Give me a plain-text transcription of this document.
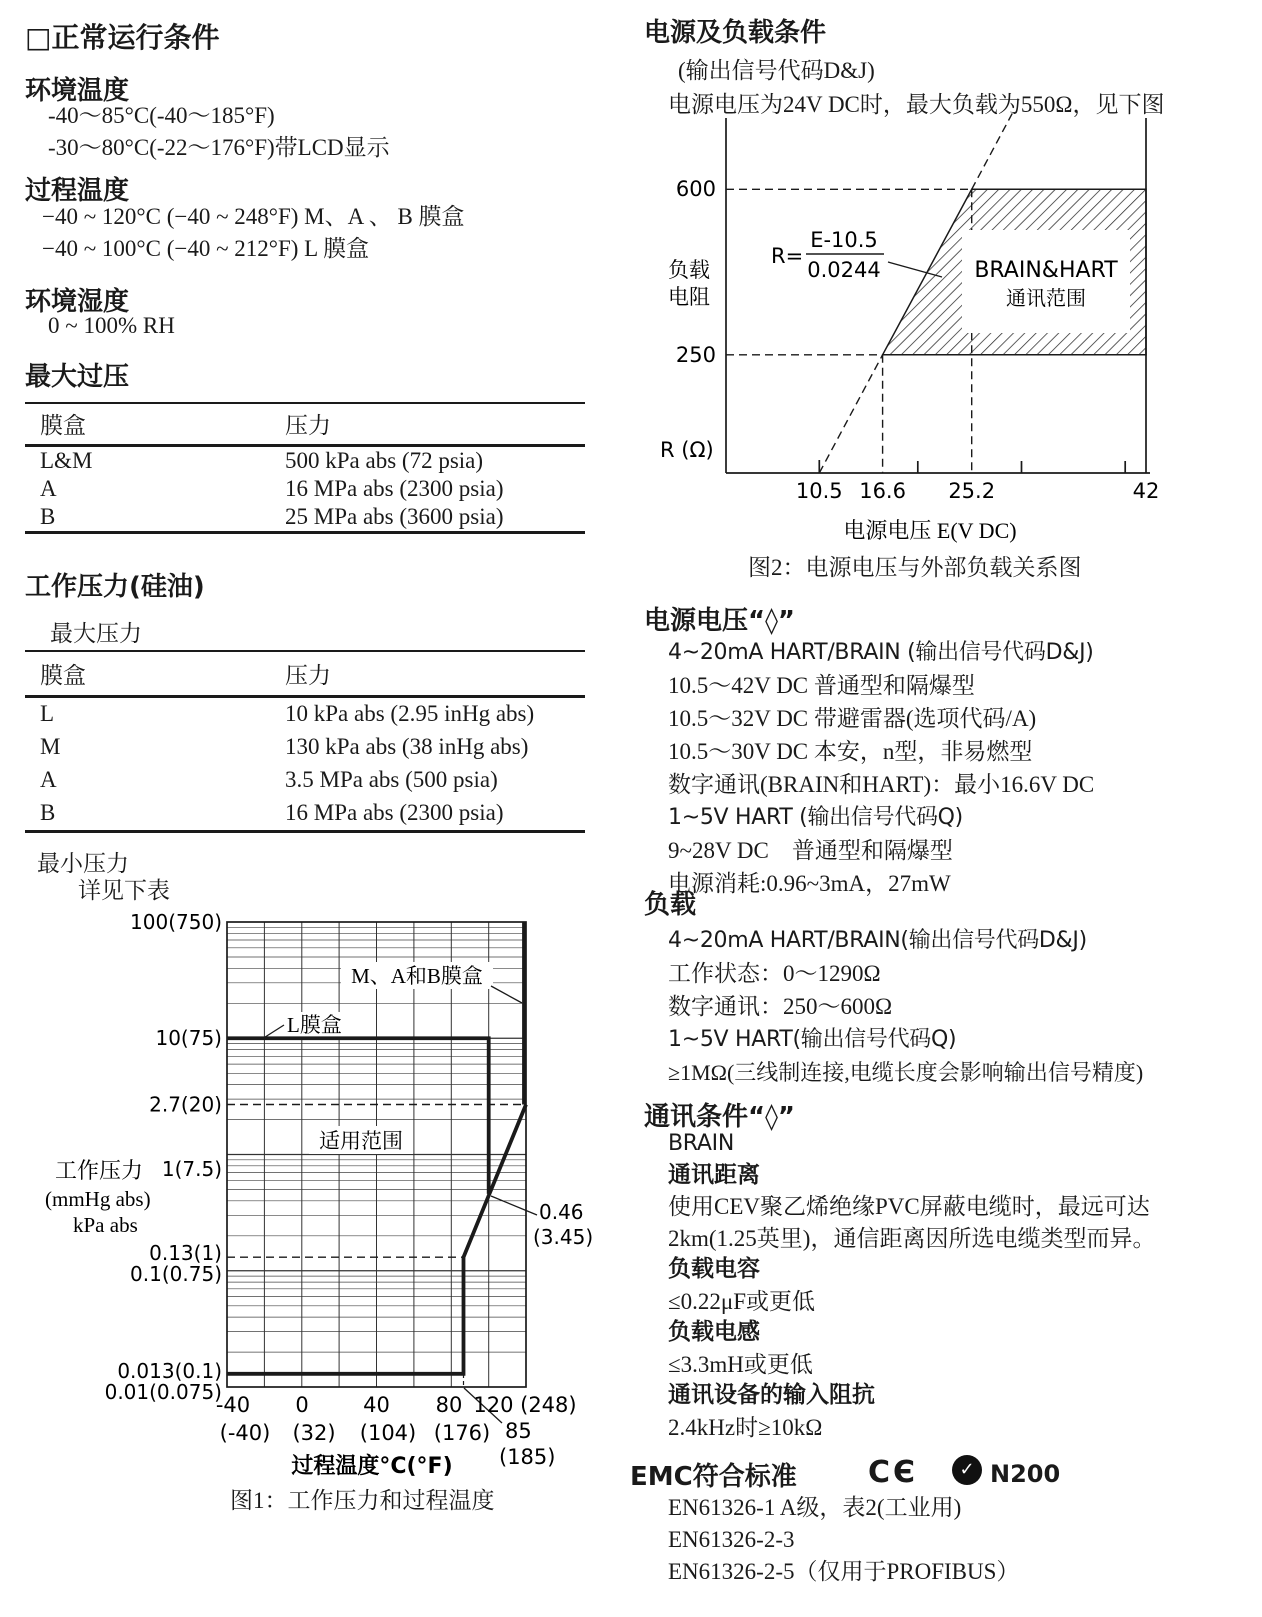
□正常运行条件
环境温度
-40～85°C(-40～185°F)
-30～80°C(-22～176°F)带LCD显示
过程温度
−40 ~ 120°C (−40 ~ 248°F) M、A 、 B 膜盒
−40 ~ 100°C (−40 ~ 212°F) L 膜盒
环境湿度
0 ~ 100% RH
最大过压
膜盒	压力
L&M	500 kPa abs (72 psia)
A	16 MPa abs (2300 psia)
B	25 MPa abs (3600 psia)
工作压力(硅油)
最大压力
膜盒	压力
L	10 kPa abs (2.95 inHg abs)
M	130 kPa abs (38 inHg abs)
A	3.5 MPa abs (500 psia)
B	16 MPa abs (2300 psia)
最小压力
详见下表
100(750)
10(75)
2.7(20)
1(7.5)
0.13(1)
0.1(0.75)
0.013(0.1)
0.01(0.075)
M、A和B膜盒
L膜盒
适用范围
0.46
(3.45)
-40 0	40 80 120 (248)
(-40) (32) (104) (176) 85
(185)
工作压力
(mmHg abs)
kPa abs
过程温度°C(°F)
图1：工作压力和过程温度
电源及负载条件
(输出信号代码D&J)
电源电压为24V DC时，最大负载为550Ω，见下图
BRAIN&HART
通讯范围
R=
E-10.5
0.0244
600
250
负载
电阻
R (Ω)
10.5 16.6 25.2	42
电源电压 E(V DC)
图2：电源电压与外部负载关系图
电源电压“◊”
4~20mA HART/BRAIN (输出信号代码D&J)
10.5～42V DC 普通型和隔爆型
10.5～32V DC 带避雷器(选项代码/A)
10.5～30V DC 本安，n型，非易燃型
数字通讯(BRAIN和HART)：最小16.6V DC
1~5V HART (输出信号代码Q)
9~28V DC　普通型和隔爆型
电源消耗:0.96~3mA，27mW
负载
4~20mA HART/BRAIN(输出信号代码D&J)
工作状态：0～1290Ω
数字通讯：250～600Ω
1~5V HART(输出信号代码Q)
≥1MΩ(三线制连接,电缆长度会影响输出信号精度)
通讯条件“◊”
BRAIN
通讯距离
使用CEV聚乙烯绝缘PVC屏蔽电缆时，最远可达
2km(1.25英里)，通信距离因所选电缆类型而异。
负载电容
≤0.22μF或更低
负载电感
≤3.3mH或更低
通讯设备的输入阻抗
2.4kHz时≥10kΩ
EMC符合标准 CЄ	✓ N200
EN61326-1 A级，表2(工业用)
EN61326-2-3
EN61326-2-5（仅用于PROFIBUS）
